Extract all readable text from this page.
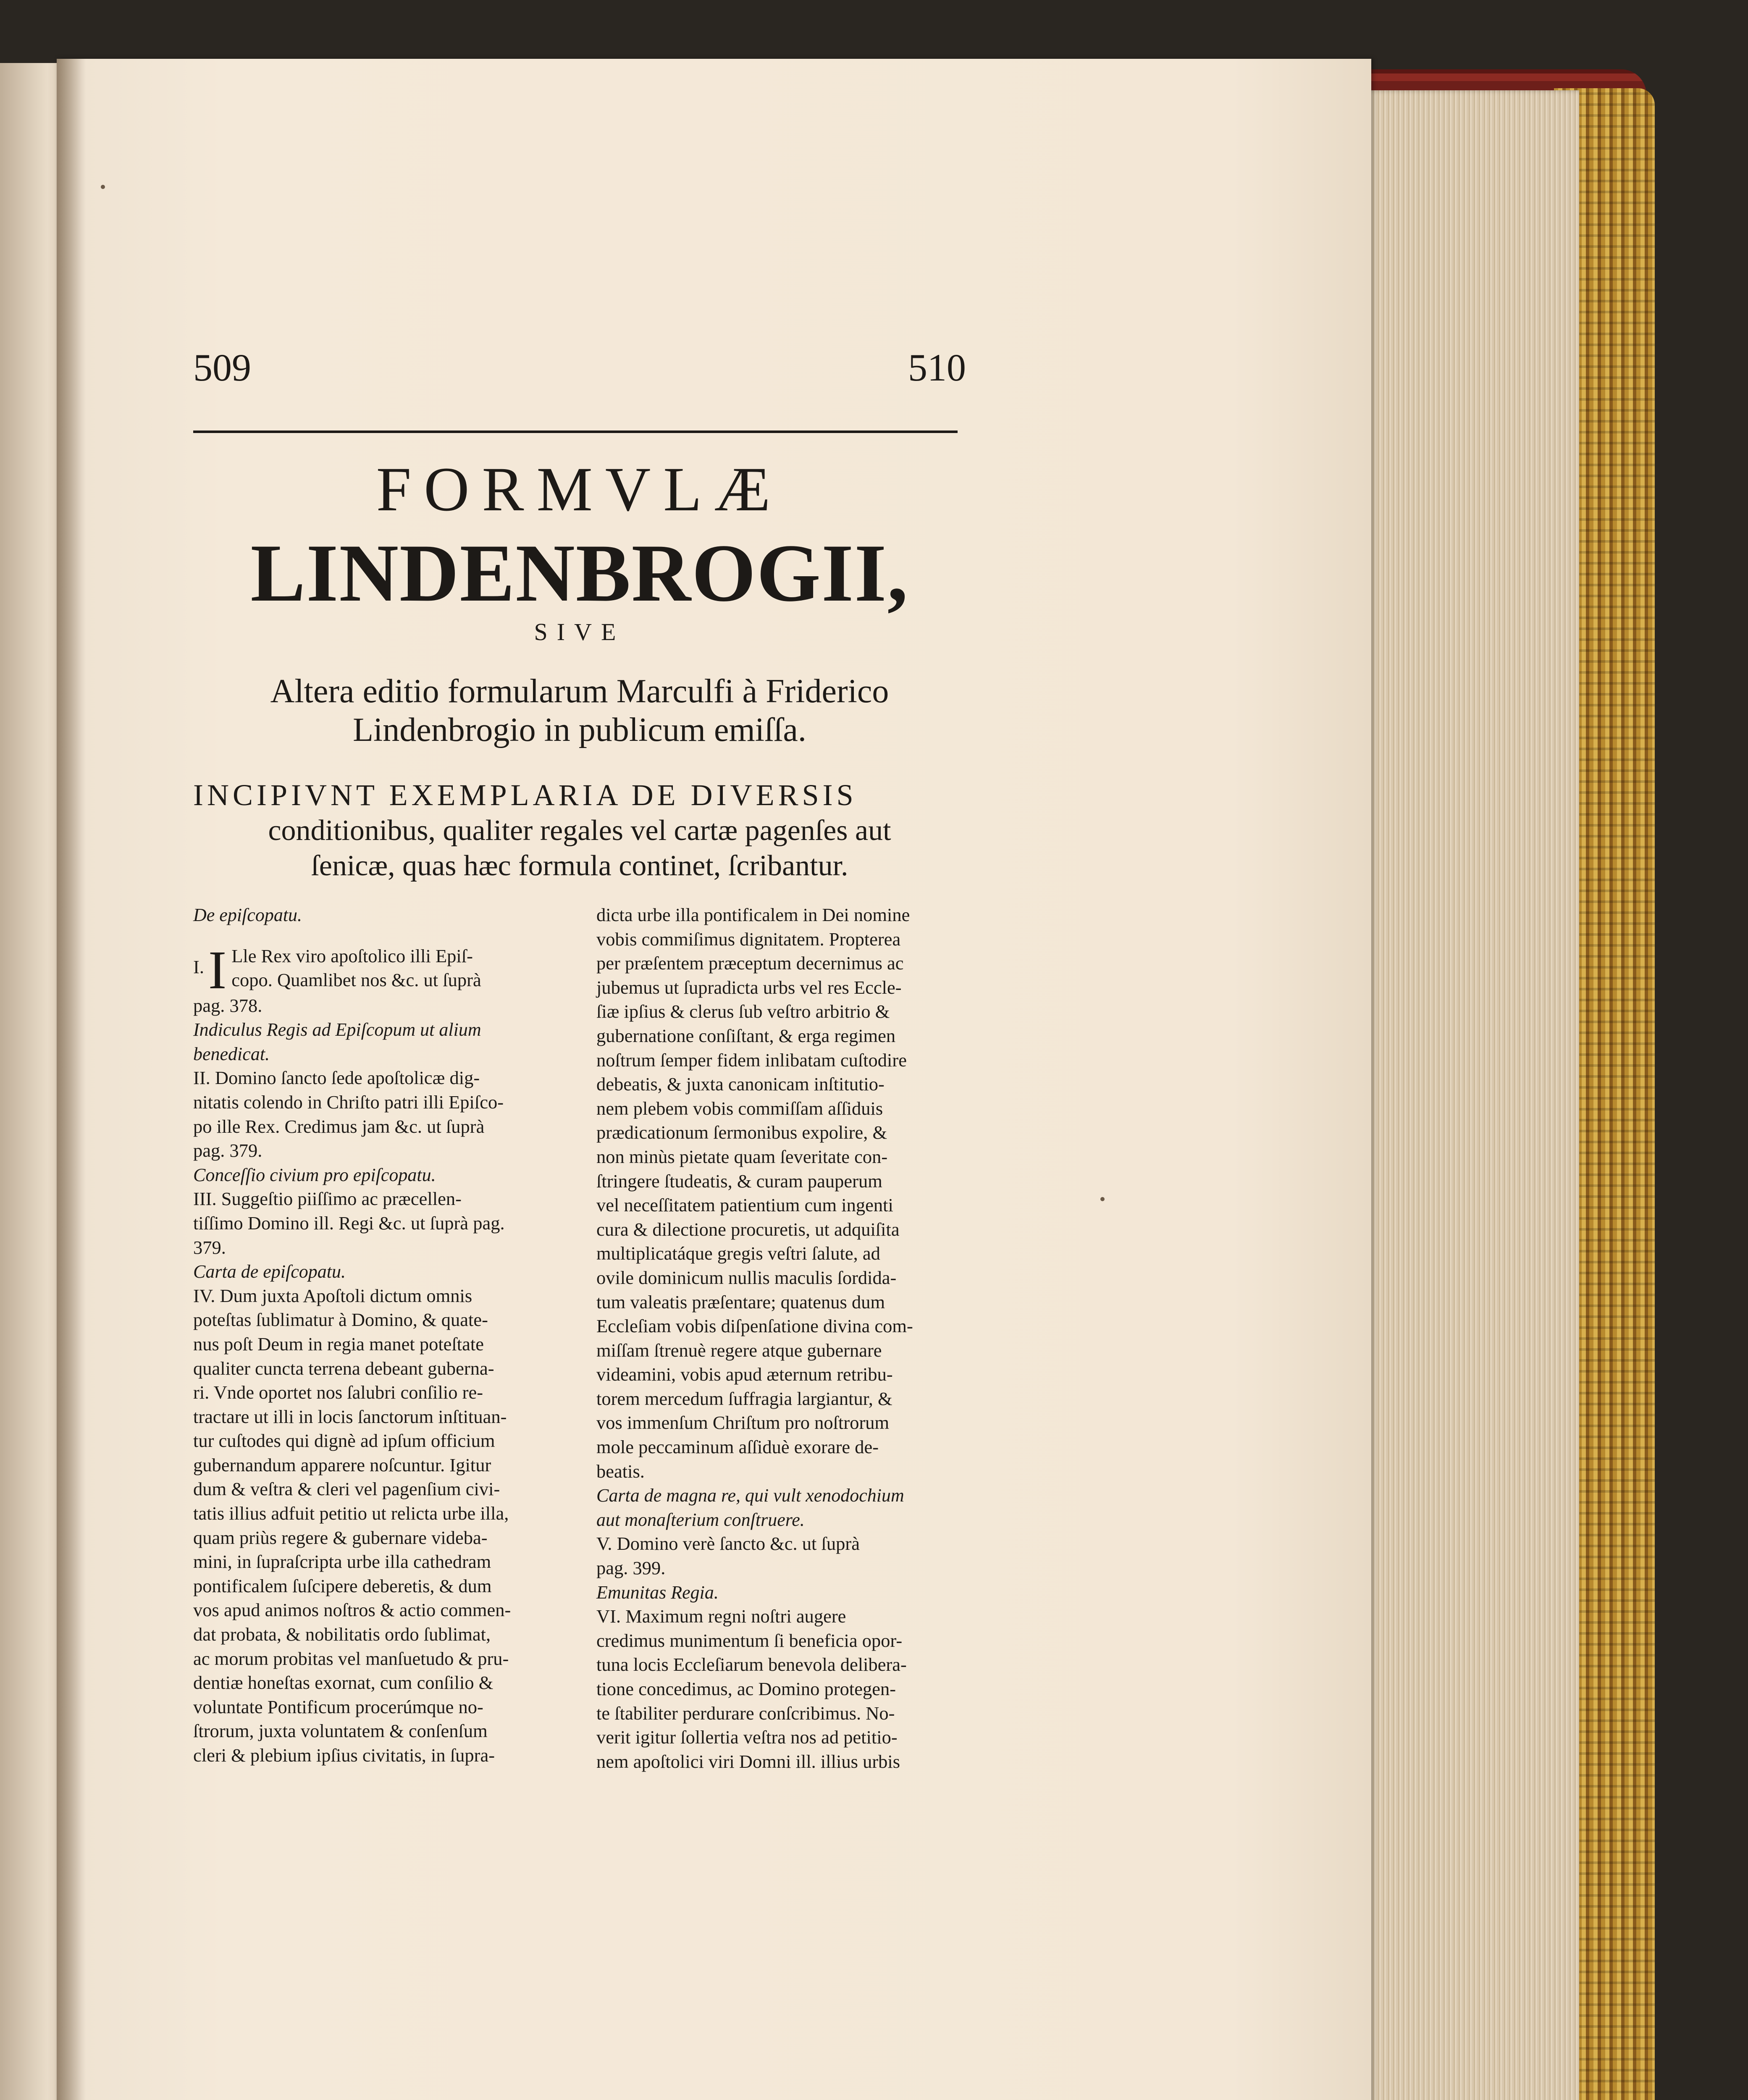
509	510
FORMVLÆ
LINDENBROGII,
SIVE
Altera editio formularum Marculfi à Friderico
Lindenbrogio in publicum emiſſa.
INCIPIVNT EXEMPLARIA DE DIVERSIS
conditionibus, qualiter regales vel cartæ pagenſes aut
ſenicæ, quas hæc formula continet, ſcribantur.

De epiſcopatu.

I. I Lle Rex viro apoſtolico illi Epiſ-

copo. Quamlibet nos &c. ut ſuprà

pag. 378.

Indiculus Regis ad Epiſcopum ut alium

benedicat.

II. Domino ſancto ſede apoſtolicæ dig-

nitatis colendo in Chriſto patri illi Epiſco-

po ille Rex. Credimus jam &c. ut ſuprà

pag. 379.

Conceſſio civium pro epiſcopatu.

III. Suggeſtio piiſſimo ac præcellen-

tiſſimo Domino ill. Regi &c. ut ſuprà pag.

379.

Carta de epiſcopatu.

IV. Dum juxta Apoſtoli dictum omnis

poteſtas ſublimatur à Domino, & quate-

nus poſt Deum in regia manet poteſtate

qualiter cuncta terrena debeant guberna-

ri. Vnde oportet nos ſalubri conſilio re-

tractare ut illi in locis ſanctorum inſtituan-

tur cuſtodes qui dignè ad ipſum officium

gubernandum apparere noſcuntur. Igitur

dum & veſtra & cleri vel pagenſium civi-

tatis illius adfuit petitio ut relicta urbe illa,

quam priùs regere & gubernare videba-

mini, in ſupraſcripta urbe illa cathedram

pontificalem ſuſcipere deberetis, & dum

vos apud animos noſtros & actio commen-

dat probata, & nobilitatis ordo ſublimat,

ac morum probitas vel manſuetudo & pru-

dentiæ honeſtas exornat, cum conſilio &

voluntate Pontificum procerúmque no-

ſtrorum, juxta voluntatem & conſenſum

cleri & plebium ipſius civitatis, in ſupra-

dicta urbe illa pontificalem in Dei nomine

vobis commiſimus dignitatem. Propterea

per præſentem præceptum decernimus ac

jubemus ut ſupradicta urbs vel res Eccle-

ſiæ ipſius & clerus ſub veſtro arbitrio &

gubernatione conſiſtant, & erga regimen

noſtrum ſemper fidem inlibatam cuſtodire

debeatis, & juxta canonicam inſtitutio-

nem plebem vobis commiſſam aſſiduis

prædicationum ſermonibus expolire, &

non minùs pietate quam ſeveritate con-

ſtringere ſtudeatis, & curam pauperum

vel neceſſitatem patientium cum ingenti

cura & dilectione procuretis, ut adquiſita

multiplicatáque gregis veſtri ſalute, ad

ovile dominicum nullis maculis ſordida-

tum valeatis præſentare; quatenus dum

Eccleſiam vobis diſpenſatione divina com-

miſſam ſtrenuè regere atque gubernare

videamini, vobis apud æternum retribu-

torem mercedum ſuffragia largiantur, &

vos immenſum Chriſtum pro noſtrorum

mole peccaminum aſſiduè exorare de-

beatis.

Carta de magna re, qui vult xenodochium

aut monaſterium conſtruere.

V. Domino verè ſancto &c. ut ſuprà

pag. 399.

Emunitas Regia.

VI. Maximum regni noſtri augere

credimus munimentum ſi beneficia opor-

tuna locis Eccleſiarum benevola delibera-

tione concedimus, ac Domino protegen-

te ſtabiliter perdurare conſcribimus. No-

verit igitur ſollertia veſtra nos ad petitio-

nem apoſtolici viri Domni ill. illius urbis
